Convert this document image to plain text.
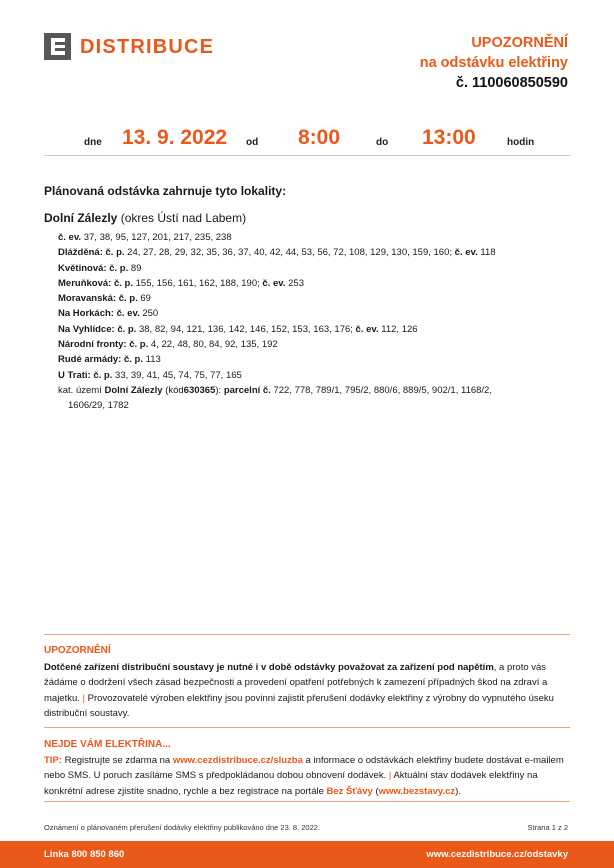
DISTRIBUCE	UPOZORNĚNÍ
na odstávku elektřiny
č. 110060850590
dne 13. 9. 2022 od 8:00	do 13:00	hodin
Plánovaná odstávka zahrnuje tyto lokality:
Dolní Zálezly (okres Ústí nad Labem)
č. ev. 37, 38, 95, 127, 201, 217, 235, 238
Dlážděná: č. p. 24, 27, 28, 29, 32, 35, 36, 37, 40, 42, 44, 53, 56, 72, 108, 129, 130, 159, 160; č. ev. 118
Květinová: č. p. 89
Meruňková: č. p. 155, 156, 161, 162, 188, 190; č. ev. 253
Moravanská: č. p. 69
Na Horkách: č. ev. 250
Na Vyhlídce: č. p. 38, 82, 94, 121, 136, 142, 146, 152, 153, 163, 176; č. ev. 112, 126
Národní fronty: č. p. 4, 22, 48, 80, 84, 92, 135, 192
Rudé armády: č. p. 113
U Trati: č. p. 33, 39, 41, 45, 74, 75, 77, 165
kat. území Dolní Zálezly (kód630365): parcelní č. 722, 778, 789/1, 795/2, 880/6, 889/5, 902/1, 1168/2,
1606/29, 1782
UPOZORNĚNÍ
Dotčené zařízení distribuční soustavy je nutné i v době odstávky považovat za zařízení pod napětím, a proto vás žádáme o dodržení všech zásad bezpečnosti a provedení opatření potřebných k zamezení případných škod na zdraví a majetku. | Provozovatelé výroben elektřiny jsou povinni zajistit přerušení dodávky elektřiny z výrobny do vypnutého úseku distribuční soustavy.
NEJDE VÁM ELEKTŘINA...
TIP: Registrujte se zdarma na www.cezdistribuce.cz/sluzba a informace o odstávkách elektřiny budete dostávat e-mailem nebo SMS. U poruch zasíláme SMS s předpokládanou dobou obnovení dodávek. | Aktuální stav dodávek elektřiny na konkrétní adrese zjistíte snadno, rychle a bez registrace na portále Bez Šťávy (www.bezstavy.cz).
Oznámení o plánovaném přerušení dodávky elektřiny publikováno dne 23. 8. 2022.	Strana 1 z 2
Linka 800 850 860	www.cezdistribuce.cz/odstavky
